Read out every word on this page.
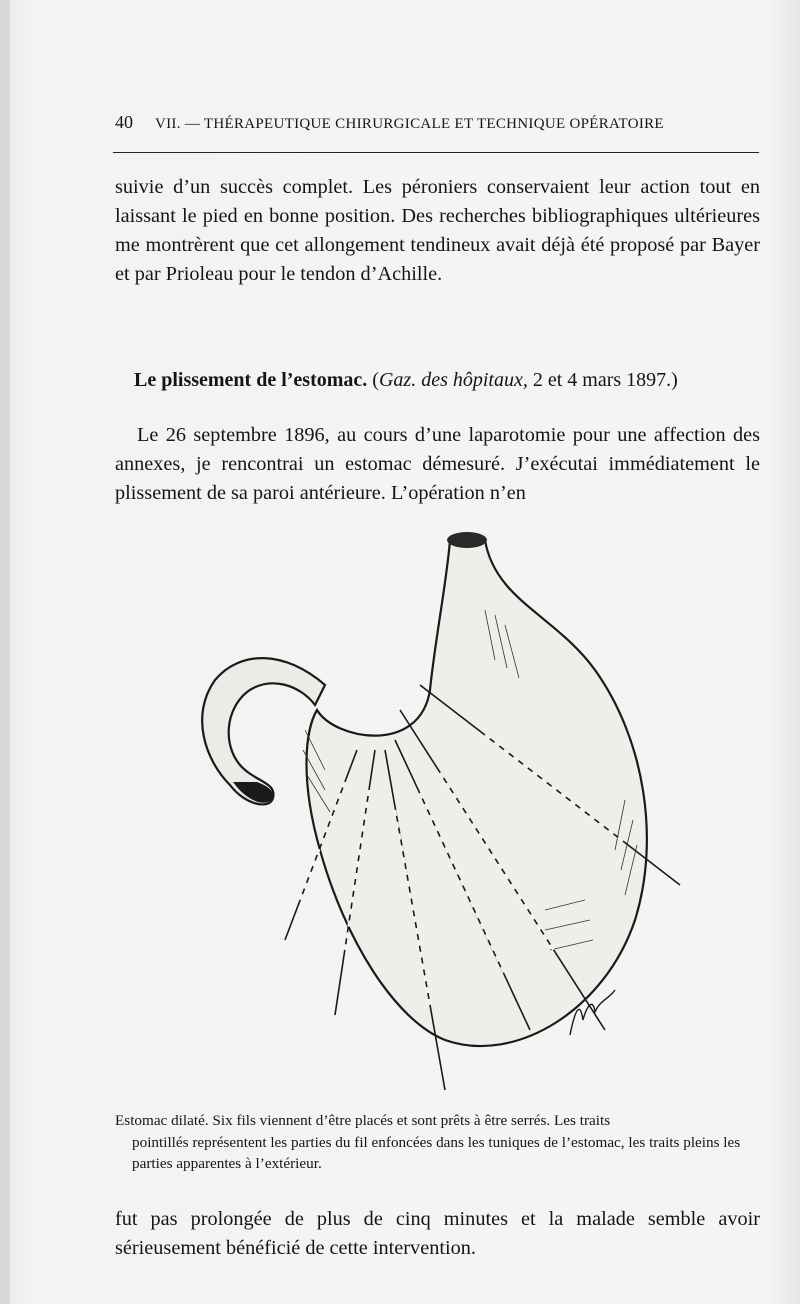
40 VII. — THÉRAPEUTIQUE CHIRURGICALE ET TECHNIQUE OPÉRATOIRE

suivie d’un succès complet. Les péroniers conservaient leur action tout en laissant le pied en bonne position. Des recherches bibliographiques ultérieures me montrèrent que cet allongement tendineux avait déjà été proposé par Bayer et par Prioleau pour le tendon d’Achille.

Le plissement de l’estomac. (Gaz. des hôpitaux, 2 et 4 mars 1897.)

Le 26 septembre 1896, au cours d’une laparotomie pour une affection des annexes, je rencontrai un estomac démesuré. J’exécutai immédiatement le plissement de sa paroi antérieure. L’opération n’en

Estomac dilaté. Six fils viennent d’être placés et sont prêts à être serrés. Les traits
pointillés représentent les parties du fil enfoncées dans les tuniques de l’estomac, les traits pleins les parties apparentes à l’extérieur.

fut pas prolongée de plus de cinq minutes et la malade semble avoir sérieusement bénéficié de cette intervention.
